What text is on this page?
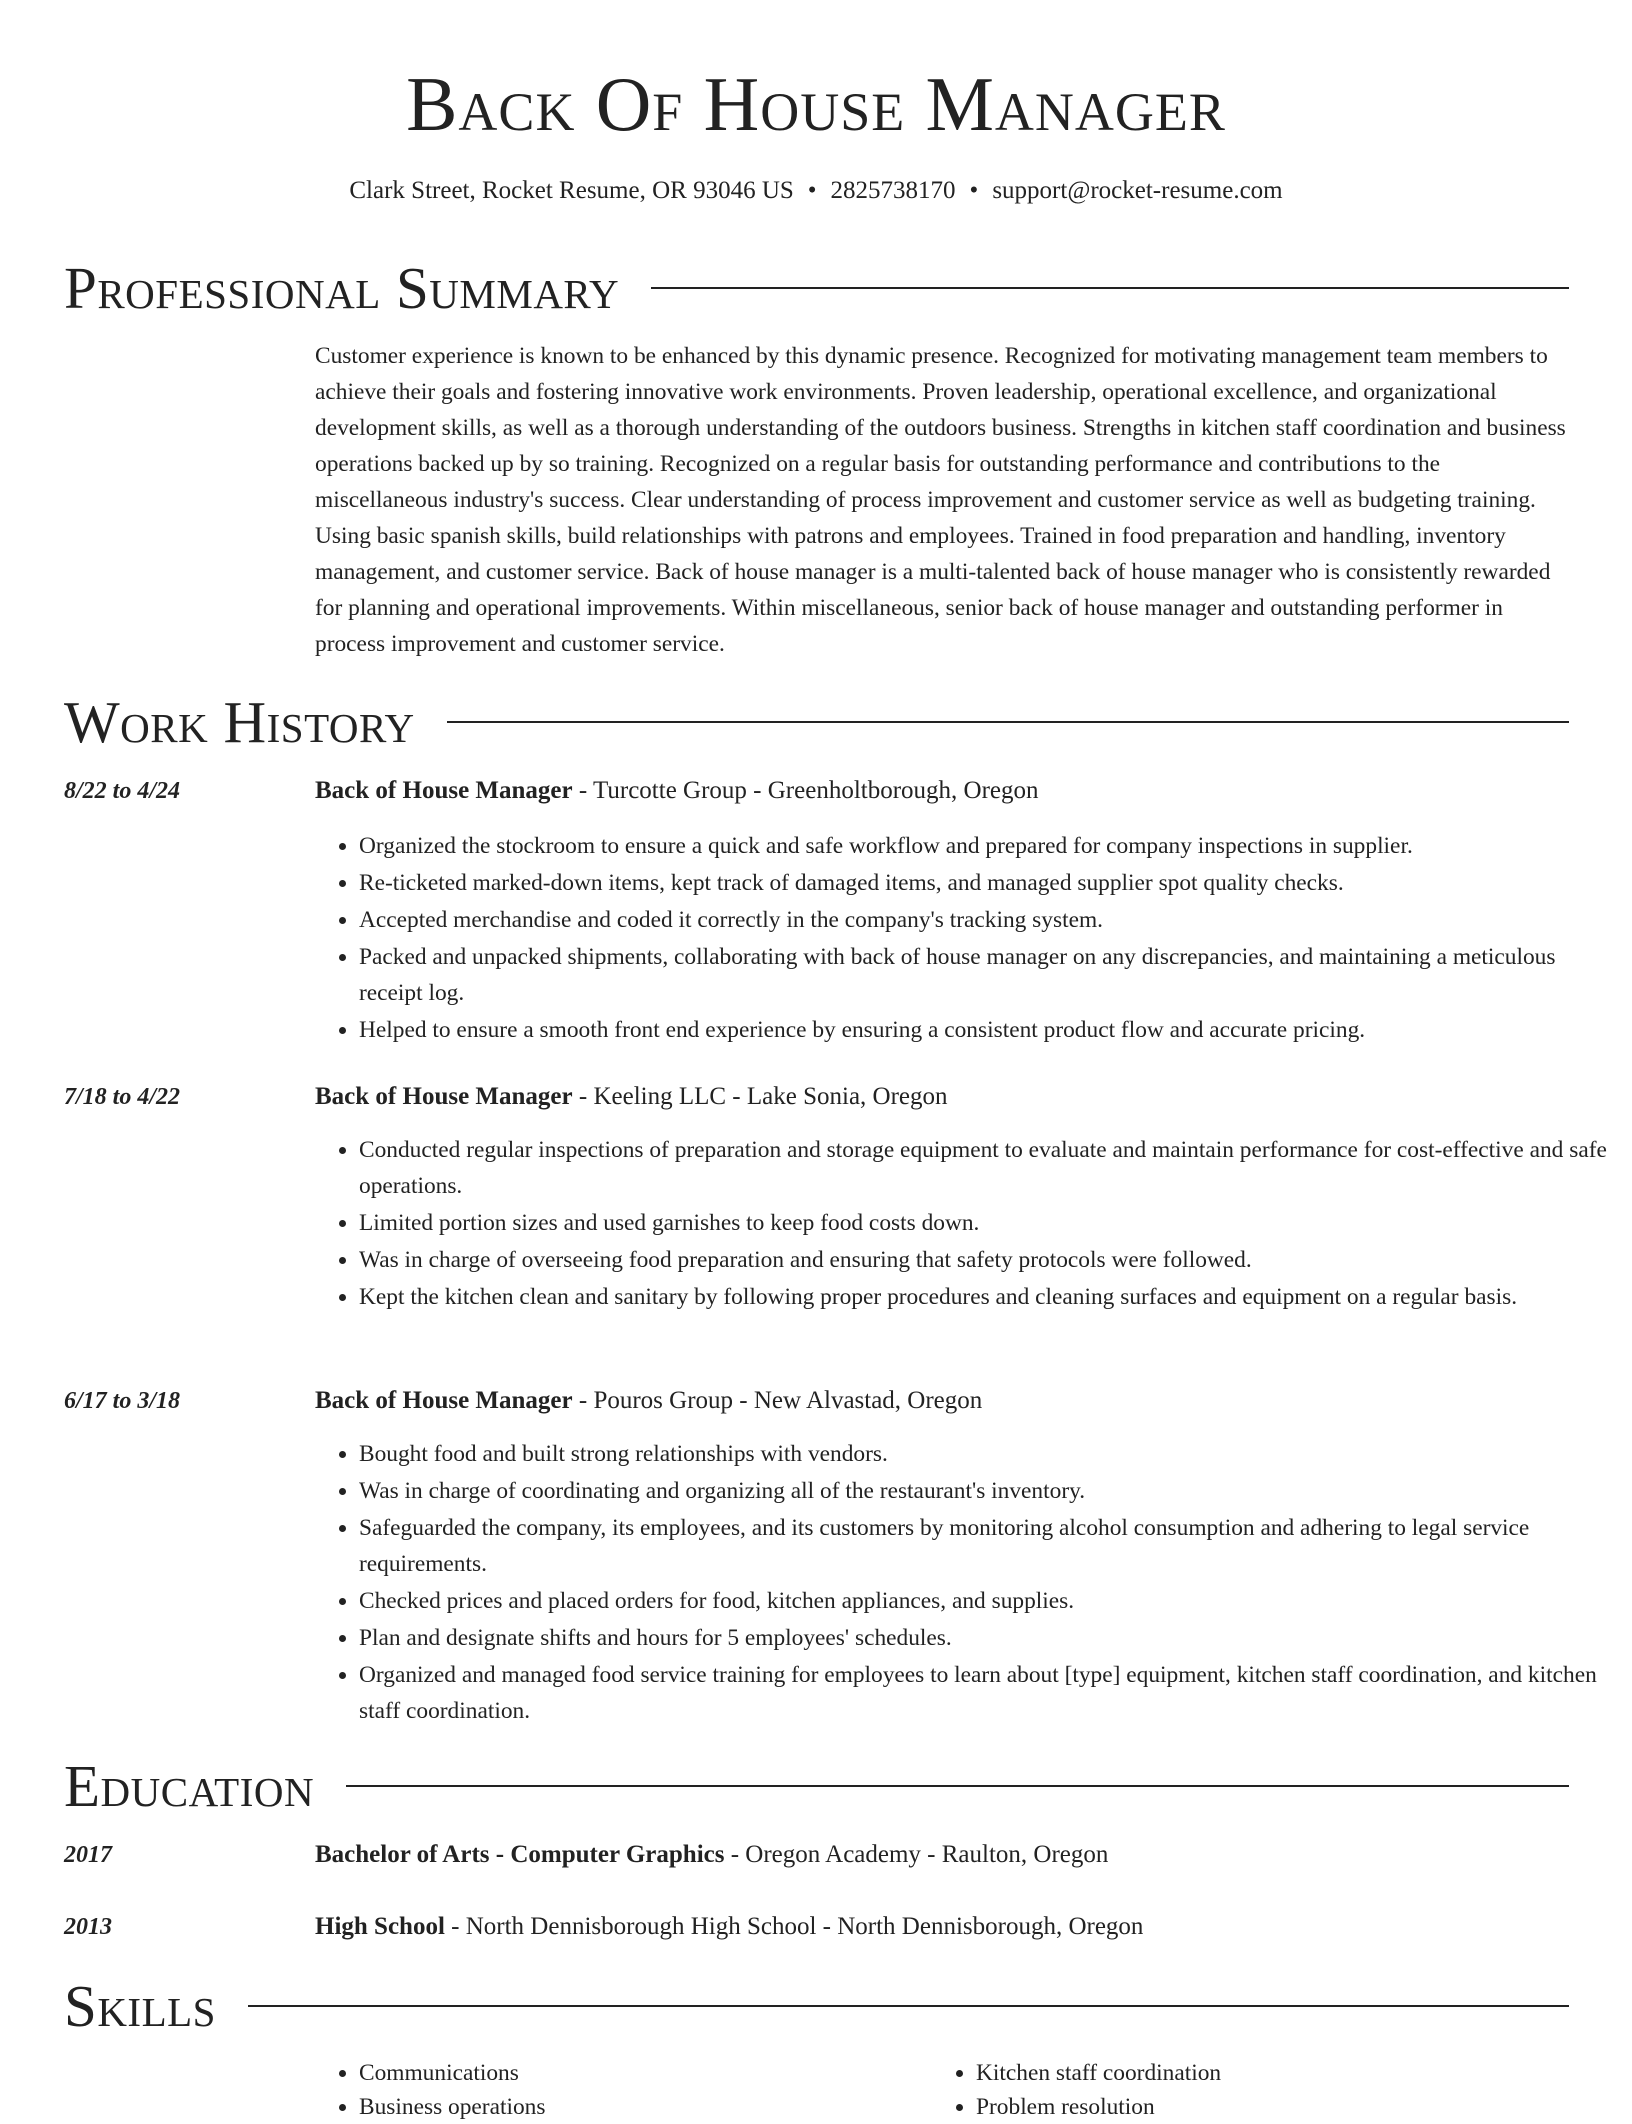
Back Of House Manager
Clark Street, Rocket Resume, OR 93046 US • 2825738170 • support@rocket-resume.com
Professional Summary

Customer experience is known to be enhanced by this dynamic presence. Recognized for motivating management team members to achieve their goals and fostering innovative work environments. Proven leadership, operational excellence, and organizational development skills, as well as a thorough understanding of the outdoors business. Strengths in kitchen staff coordination and business operations backed up by so training. Recognized on a regular basis for outstanding performance and contributions to the miscellaneous industry's success. Clear understanding of process improvement and customer service as well as budgeting training. Using basic spanish skills, build relationships with patrons and employees. Trained in food preparation and handling, inventory management, and customer service. Back of house manager is a multi-talented back of house manager who is consistently rewarded for planning and operational improvements. Within miscellaneous, senior back of house manager and outstanding performer in process improvement and customer service.

Work History
8/22 to 4/24	Back of House Manager - Turcotte Group - Greenholtborough, Oregon
• Organized the stockroom to ensure a quick and safe workflow and prepared for company inspections in supplier.
• Re-ticketed marked-down items, kept track of damaged items, and managed supplier spot quality checks.
• Accepted merchandise and coded it correctly in the company's tracking system.
• Packed and unpacked shipments, collaborating with back of house manager on any discrepancies, and maintaining a meticulous receipt log.
• Helped to ensure a smooth front end experience by ensuring a consistent product flow and accurate pricing.
7/18 to 4/22	Back of House Manager - Keeling LLC - Lake Sonia, Oregon
• Conducted regular inspections of preparation and storage equipment to evaluate and maintain performance for cost-effective and safe operations.
• Limited portion sizes and used garnishes to keep food costs down.
• Was in charge of overseeing food preparation and ensuring that safety protocols were followed.
• Kept the kitchen clean and sanitary by following proper procedures and cleaning surfaces and equipment on a regular basis.
6/17 to 3/18	Back of House Manager - Pouros Group - New Alvastad, Oregon
• Bought food and built strong relationships with vendors.
• Was in charge of coordinating and organizing all of the restaurant's inventory.
• Safeguarded the company, its employees, and its customers by monitoring alcohol consumption and adhering to legal service requirements.
• Checked prices and placed orders for food, kitchen appliances, and supplies.
• Plan and designate shifts and hours for 5 employees' schedules.
• Organized and managed food service training for employees to learn about [type] equipment, kitchen staff coordination, and kitchen staff coordination.
Education
2017	Bachelor of Arts - Computer Graphics - Oregon Academy - Raulton, Oregon
2013	High School - North Dennisborough High School - North Dennisborough, Oregon
Skills
• Communications
• Business operations
• Kitchen staff coordination
• Problem resolution
